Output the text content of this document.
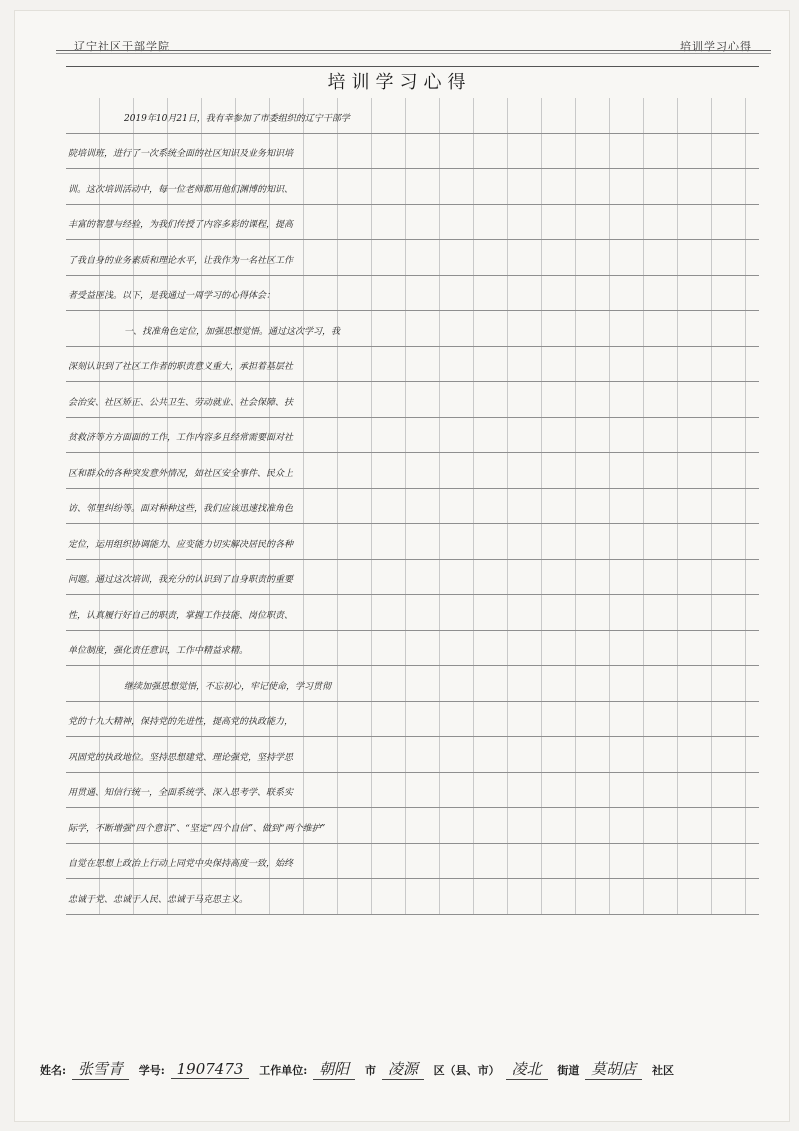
辽宁社区干部学院	培训学习心得
培训学习心得
2019年10月21日，我有幸参加了市委组织的辽宁干部学
院培训班，进行了一次系统全面的社区知识及业务知识培
训。这次培训活动中，每一位老师都用他们渊博的知识、
丰富的智慧与经验，为我们传授了内容多彩的课程，提高
了我自身的业务素质和理论水平，让我作为一名社区工作
者受益匪浅。以下，是我通过一周学习的心得体会：
一、找准角色定位，加强思想觉悟。通过这次学习，我
深刻认识到了社区工作者的职责意义重大，承担着基层社
会治安、社区矫正、公共卫生、劳动就业、社会保障、扶
贫救济等方方面面的工作，工作内容多且经常需要面对社
区和群众的各种突发意外情况，如社区安全事件、民众上
访、邻里纠纷等。面对种种这些，我们应该迅速找准角色
定位，运用组织协调能力、应变能力切实解决居民的各种
问题。通过这次培训，我充分的认识到了自身职责的重要
性，认真履行好自己的职责，掌握工作技能、岗位职责、
单位制度，强化责任意识，工作中精益求精。
继续加强思想觉悟，不忘初心，牢记使命，学习贯彻
党的十九大精神，保持党的先进性，提高党的执政能力，
巩固党的执政地位。坚持思想建党、理论强党，坚持学思
用贯通、知信行统一，全面系统学、深入思考学、联系实
际学，不断增强“四个意识”、“坚定“四个自信”、做到“两个维护”
自觉在思想上政治上行动上同党中央保持高度一致，始终
忠诚于党、忠诚于人民、忠诚于马克思主义。
姓名: 张雪青 学号: 1907473 工作单位: 朝阳 市 凌源 区（县、市） 凌北 街道 莫胡店 社区
